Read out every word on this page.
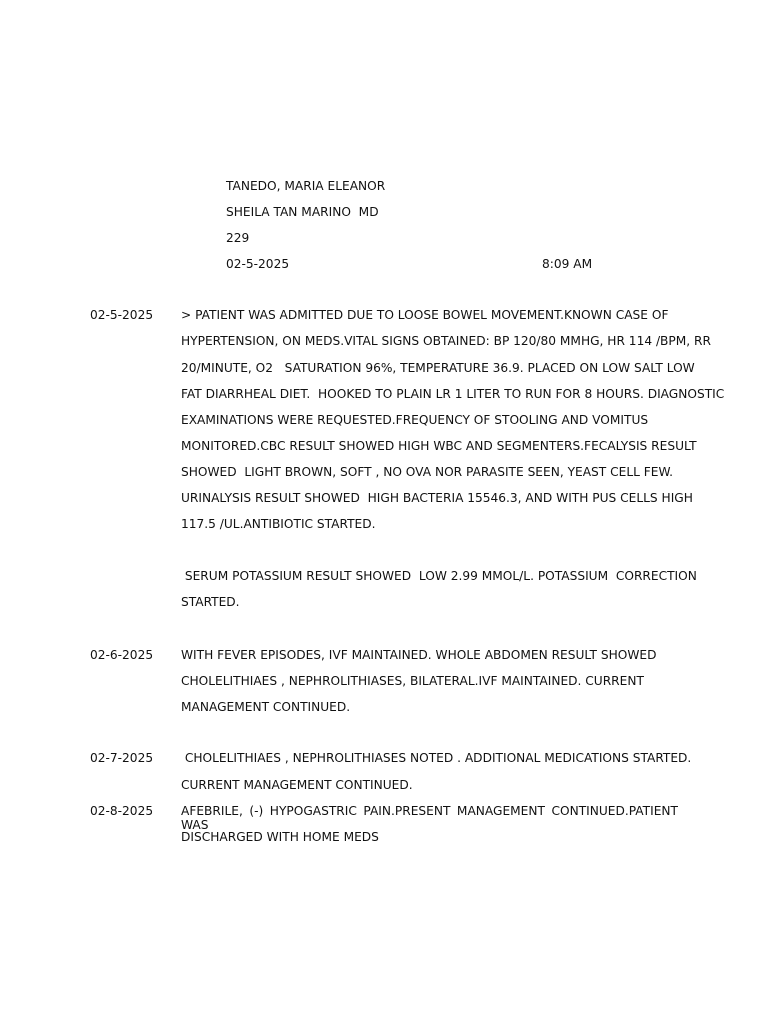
TANEDO, MARIA ELEANOR
SHEILA TAN MARINO  MD
229
02-5-2025	8:09 AM
02-5-2025 > PATIENT WAS ADMITTED DUE TO LOOSE BOWEL MOVEMENT.KNOWN CASE OF
HYPERTENSION, ON MEDS.VITAL SIGNS OBTAINED: BP 120/80 MMHG, HR 114 /BPM, RR
20/MINUTE, O2   SATURATION 96%, TEMPERATURE 36.9. PLACED ON LOW SALT LOW
FAT DIARRHEAL DIET.  HOOKED TO PLAIN LR 1 LITER TO RUN FOR 8 HOURS. DIAGNOSTIC
EXAMINATIONS WERE REQUESTED.FREQUENCY OF STOOLING AND VOMITUS
MONITORED.CBC RESULT SHOWED HIGH WBC AND SEGMENTERS.FECALYSIS RESULT
SHOWED  LIGHT BROWN, SOFT , NO OVA NOR PARASITE SEEN, YEAST CELL FEW.
URINALYSIS RESULT SHOWED  HIGH BACTERIA 15546.3, AND WITH PUS CELLS HIGH
117.5 /UL.ANTIBIOTIC STARTED.
SERUM POTASSIUM RESULT SHOWED  LOW 2.99 MMOL/L. POTASSIUM  CORRECTION
STARTED.
02-6-2025 WITH FEVER EPISODES, IVF MAINTAINED. WHOLE ABDOMEN RESULT SHOWED
CHOLELITHIAES , NEPHROLITHIASES, BILATERAL.IVF MAINTAINED. CURRENT
MANAGEMENT CONTINUED.
02-7-2025 CHOLELITHIAES , NEPHROLITHIASES NOTED . ADDITIONAL MEDICATIONS STARTED.
CURRENT MANAGEMENT CONTINUED.
02-8-2025 AFEBRILE, (-) HYPOGASTRIC PAIN.PRESENT MANAGEMENT CONTINUED.PATIENT WAS
DISCHARGED WITH HOME MEDS
